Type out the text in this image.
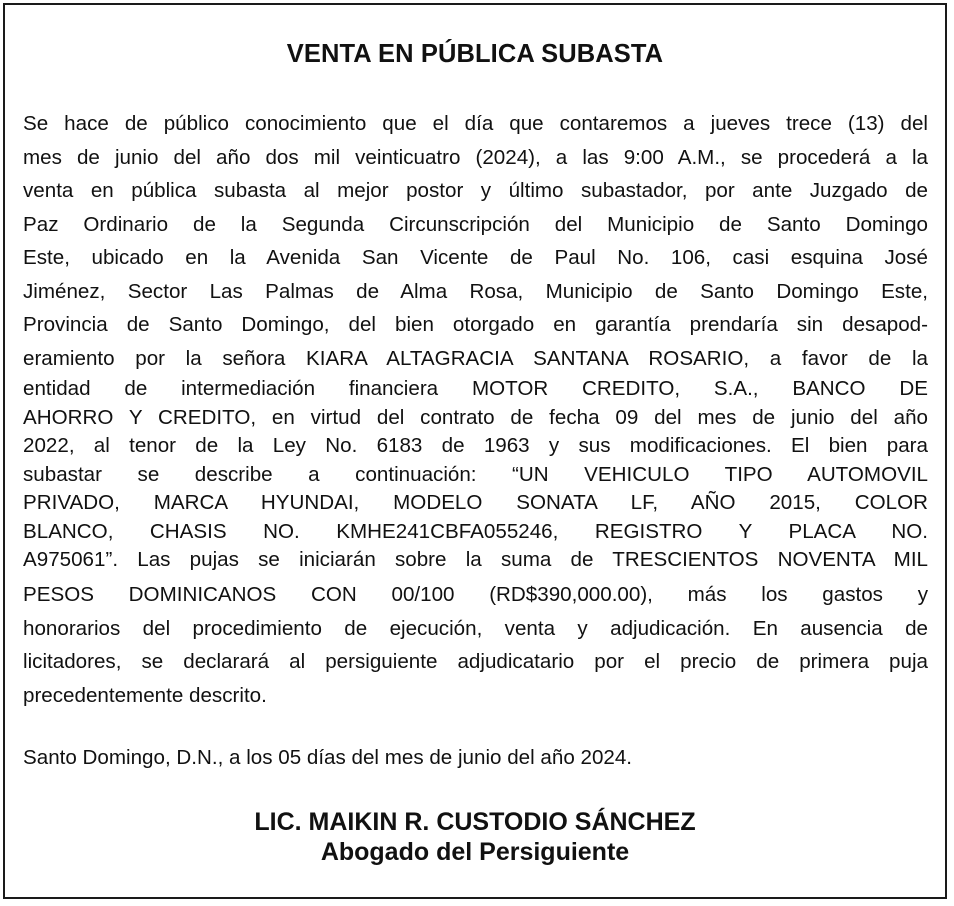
VENTA EN PÚBLICA SUBASTA

Se hace de público conocimiento que el día que contaremos a jueves trece (13) del
mes de junio del año dos mil veinticuatro (2024), a las 9:00 A.M., se procederá a la
venta en pública subasta al mejor postor y último subastador, por ante Juzgado de
Paz Ordinario de la Segunda Circunscripción del Municipio de Santo Domingo
Este, ubicado en la Avenida San Vicente de Paul No. 106, casi esquina José
Jiménez, Sector Las Palmas de Alma Rosa, Municipio de Santo Domingo Este,
Provincia de Santo Domingo, del bien otorgado en garantía prendaría sin desapod-
eramiento por la señora KIARA ALTAGRACIA SANTANA ROSARIO, a favor de la

entidad de intermediación financiera MOTOR CREDITO, S.A., BANCO DE
AHORRO Y CREDITO, en virtud del contrato de fecha 09 del mes de junio del año
2022, al tenor de la Ley No. 6183 de 1963 y sus modificaciones. El bien para
subastar se describe a continuación: “UN VEHICULO TIPO AUTOMOVIL
PRIVADO, MARCA HYUNDAI, MODELO SONATA LF, AÑO 2015, COLOR
BLANCO, CHASIS NO. KMHE241CBFA055246, REGISTRO Y PLACA NO.
A975061”. Las pujas se iniciarán sobre la suma de TRESCIENTOS NOVENTA MIL

PESOS DOMINICANOS CON 00/100 (RD$390,000.00), más los gastos y
honorarios del procedimiento de ejecución, venta y adjudicación. En ausencia de
licitadores, se declarará al persiguiente adjudicatario por el precio de primera puja
precedentemente descrito.

Santo Domingo, D.N., a los 05 días del mes de junio del año 2024.

LIC. MAIKIN R. CUSTODIO SÁNCHEZ
Abogado del Persiguiente
